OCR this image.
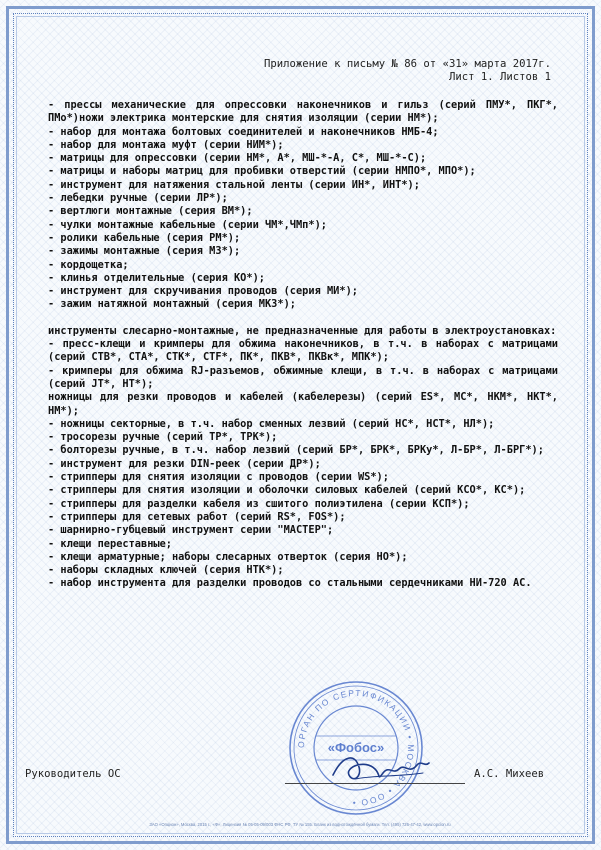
Приложение к письму № 86 от «31» марта 2017г.
Лист 1. Листов 1

- прессы механические для опрессовки наконечников и гильз (серий ПМУ*, ПКГ*, ПМо*)ножи электрика монтерские для снятия изоляции (серии НМ*);

- набор для монтажа болтовых соединителей и наконечников НМБ-4;

- набор для монтажа муфт (серии НИМ*);

- матрицы для опрессовки (серии НМ*, А*, МШ-*-А, С*, МШ-*-С);

- матрицы и наборы матриц для пробивки отверстий (серии НМПО*, МПО*);

- инструмент для натяжения стальной ленты (серии ИН*, ИНТ*);

- лебедки ручные (серии ЛР*);

- вертлюги монтажные (серия ВМ*);

- чулки монтажные кабельные (серии ЧМ*,ЧМп*);

- ролики кабельные (серия РМ*);

- зажимы монтажные (серия МЗ*);

- кордощетка;

- клинья отделительные (серия КО*);

- инструмент для скручивания проводов (серия МИ*);

- зажим натяжной монтажный (серия МКЗ*);

инструменты слесарно-монтажные, не предназначенные для работы в электроустановках:

- пресс-клещи и кримперы для обжима наконечников, в т.ч. в наборах с матрицами (серий СТВ*, СТА*, СТК*, СТF*, ПК*, ПКВ*, ПКВк*, МПК*);

- кримперы для обжима RJ-разъемов, обжимные клещи, в т.ч. в наборах с матрицами (серий JT*, НТ*);

ножницы для резки проводов и кабелей (кабелерезы) (серий ES*, МС*, НКМ*, НКТ*, НМ*);

- ножницы секторные, в т.ч. набор сменных лезвий (серий НС*, НСТ*, НЛ*);

- тросорезы ручные (серий ТР*, ТРК*);

- болторезы ручные, в т.ч. набор лезвий (серий БР*, БРК*, БРКу*, Л-БР*, Л-БРГ*);

- инструмент для резки DIN-реек (серии ДР*);

- стрипперы для снятия изоляции с проводов (серии WS*);

- стрипперы для снятия изоляции и оболочки силовых кабелей (серий КСО*, КС*);

- стрипперы для разделки кабеля из сшитого полиэтилена (серии КСП*);

- стрипперы для сетевых работ (серий RS*, FOS*);

- шарнирно-губцевый инструмент серии "МАСТЕР";

- клещи переставные;

- клещи арматурные; наборы слесарных отверток (серия НО*);

- наборы складных ключей (серия НТК*);

- набор инструмента для разделки проводов со стальными сердечниками НИ-720 АС.

ОРГАН ПО СЕРТИФИКАЦИИ • МОСКВА • ООО •
«Фобос»
Руководитель ОС	А.С. Михеев
ЗАО «Опцион», Москва, 2015 г., «Ф», Лицензия № 05-05-09/003 ФНС РФ, ТУ № 155. Бланк из воднотождённой бумаги. Тел. (495) 726-47-42, www.opcion.ru
